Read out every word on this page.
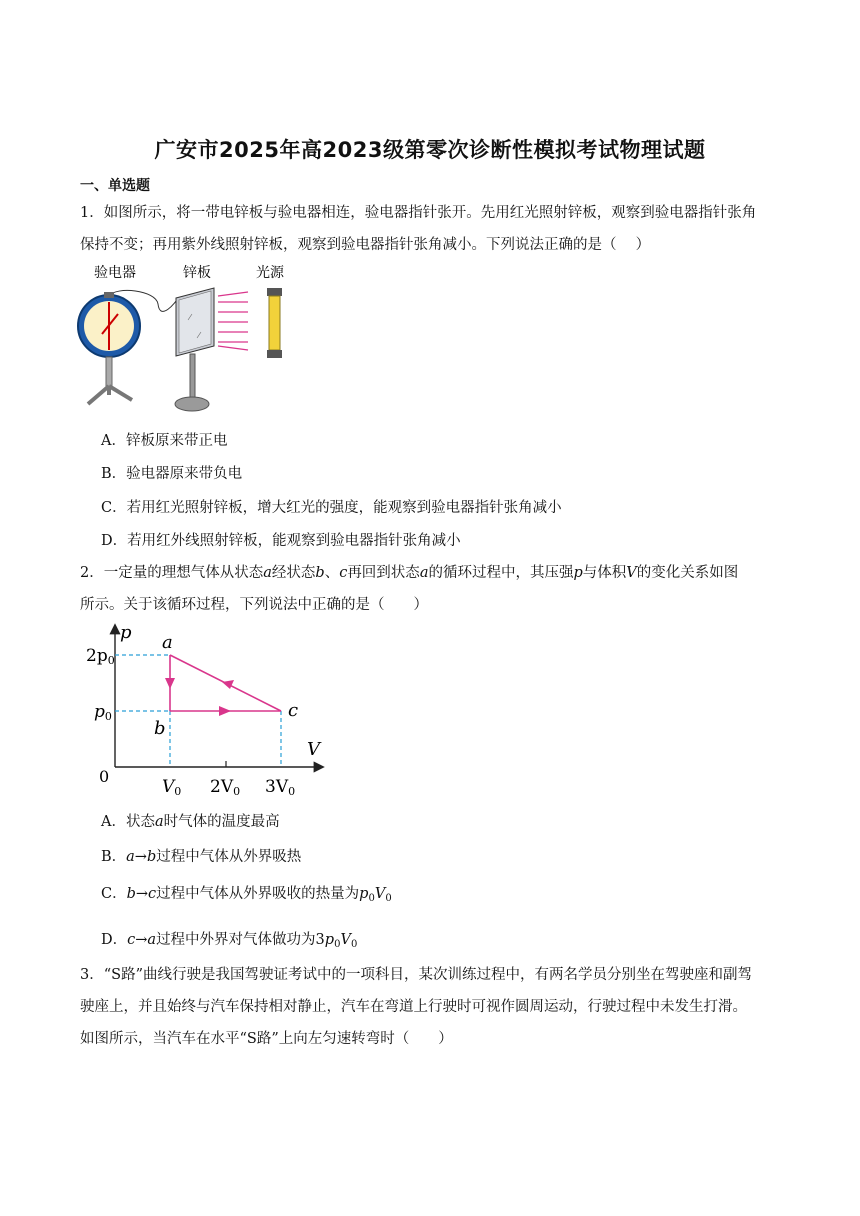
广安市2025年高2023级第零次诊断性模拟考试物理试题
一、单选题
1．如图所示，将一带电锌板与验电器相连，验电器指针张开。先用红光照射锌板，观察到验电器指针张角
保持不变；再用紫外线照射锌板，观察到验电器指针张角减小。下列说法正确的是（　 ）
验电器	锌板	光源
A．锌板原来带正电
B．验电器原来带负电
C．若用红光照射锌板，增大红光的强度，能观察到验电器指针张角减小
D．若用红外线照射锌板，能观察到验电器指针张角减小
2．一定量的理想气体从状态a经状态b、c再回到状态a的循环过程中，其压强p与体积V的变化关系如图
所示。关于该循环过程，下列说法中正确的是（　　）
p
V
0
2p0
p0
V0 2V0 3V0
a
b
c
A．状态a时气体的温度最高
B．a→b过程中气体从外界吸热
C．b→c过程中气体从外界吸收的热量为$p_0V_0$
D．c→a过程中外界对气体做功为$3p_0V_0$
3．“S路”曲线行驶是我国驾驶证考试中的一项科目，某次训练过程中，有两名学员分别坐在驾驶座和副驾
驶座上，并且始终与汽车保持相对静止，汽车在弯道上行驶时可视作圆周运动，行驶过程中未发生打滑。
如图所示，当汽车在水平“S路”上向左匀速转弯时（　　）
